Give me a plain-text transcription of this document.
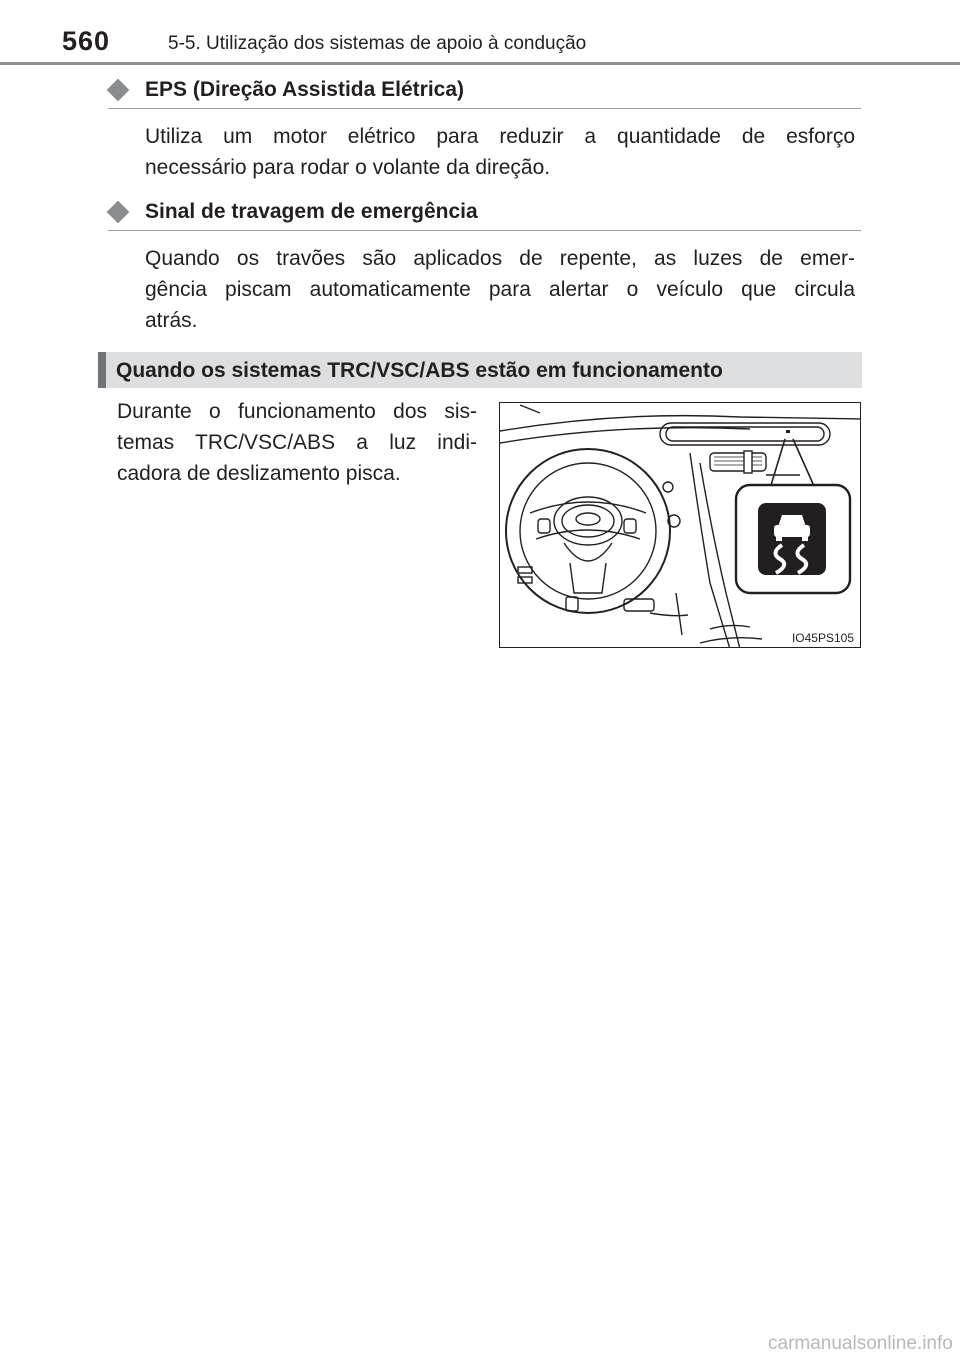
560	5-5. Utilização dos sistemas de apoio à condução
EPS (Direção Assistida Elétrica)
Utiliza um motor elétrico para reduzir a quantidade de esforço
necessário para rodar o volante da direção.
Sinal de travagem de emergência
Quando os travões são aplicados de repente, as luzes de emer-
gência piscam automaticamente para alertar o veículo que circula
atrás.
Quando os sistemas TRC/VSC/ABS estão em funcionamento
Durante o funcionamento dos sis-
temas TRC/VSC/ABS a luz indi-
cadora de deslizamento pisca.
IO45PS105
carmanualsonline.info
